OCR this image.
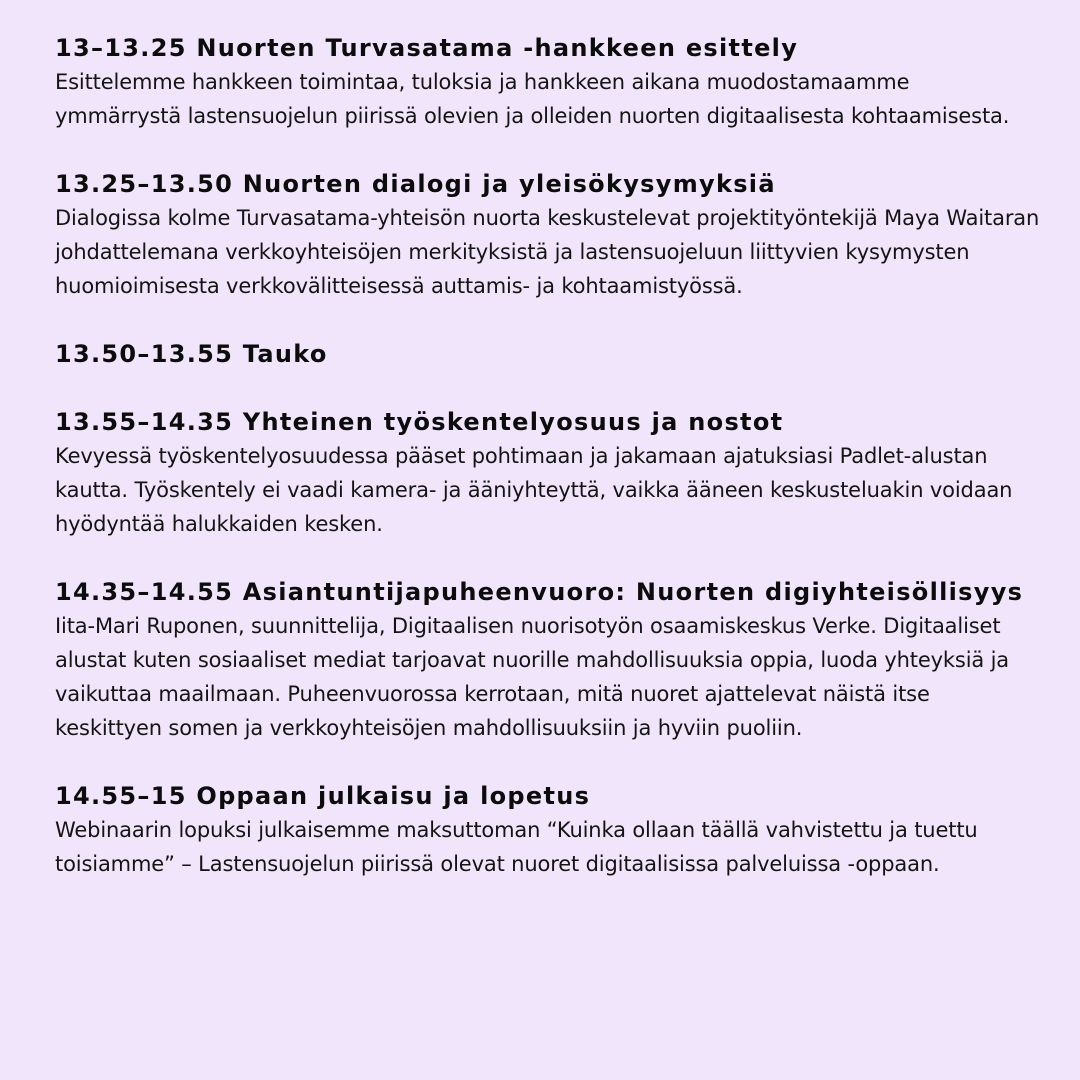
13–13.25 Nuorten Turvasatama -hankkeen esittely

Esittelemme hankkeen toimintaa, tuloksia ja hankkeen aikana muodostamaamme ymmärrystä lastensuojelun piirissä olevien ja olleiden nuorten digitaalisesta kohtaamisesta.

13.25–13.50 Nuorten dialogi ja yleisökysymyksiä

Dialogissa kolme Turvasatama-yhteisön nuorta keskustelevat projektityöntekijä Maya Waitaran johdattelemana verkkoyhteisöjen merkityksistä ja lastensuojeluun liittyvien kysymysten huomioimisesta verkkovälitteisessä auttamis- ja kohtaamistyössä.

13.50–13.55 Tauko
13.55–14.35 Yhteinen työskentelyosuus ja nostot

Kevyessä työskentelyosuudessa pääset pohtimaan ja jakamaan ajatuksiasi Padlet-alustan kautta. Työskentely ei vaadi kamera- ja ääniyhteyttä, vaikka ääneen keskusteluakin voidaan hyödyntää halukkaiden kesken.

14.35–14.55 Asiantuntijapuheenvuoro: Nuorten digiyhteisöllisyys

Iita-Mari Ruponen, suunnittelija, Digitaalisen nuorisotyön osaamiskeskus Verke. Digitaaliset alustat kuten sosiaaliset mediat tarjoavat nuorille mahdollisuuksia oppia, luoda yhteyksiä ja vaikuttaa maailmaan. Puheenvuorossa kerrotaan, mitä nuoret ajattelevat näistä itse keskittyen somen ja verkkoyhteisöjen mahdollisuuksiin ja hyviin puoliin.

14.55–15 Oppaan julkaisu ja lopetus

Webinaarin lopuksi julkaisemme maksuttoman “Kuinka ollaan täällä vahvistettu ja tuettu toisiamme” – Lastensuojelun piirissä olevat nuoret digitaalisissa palveluissa -oppaan.
